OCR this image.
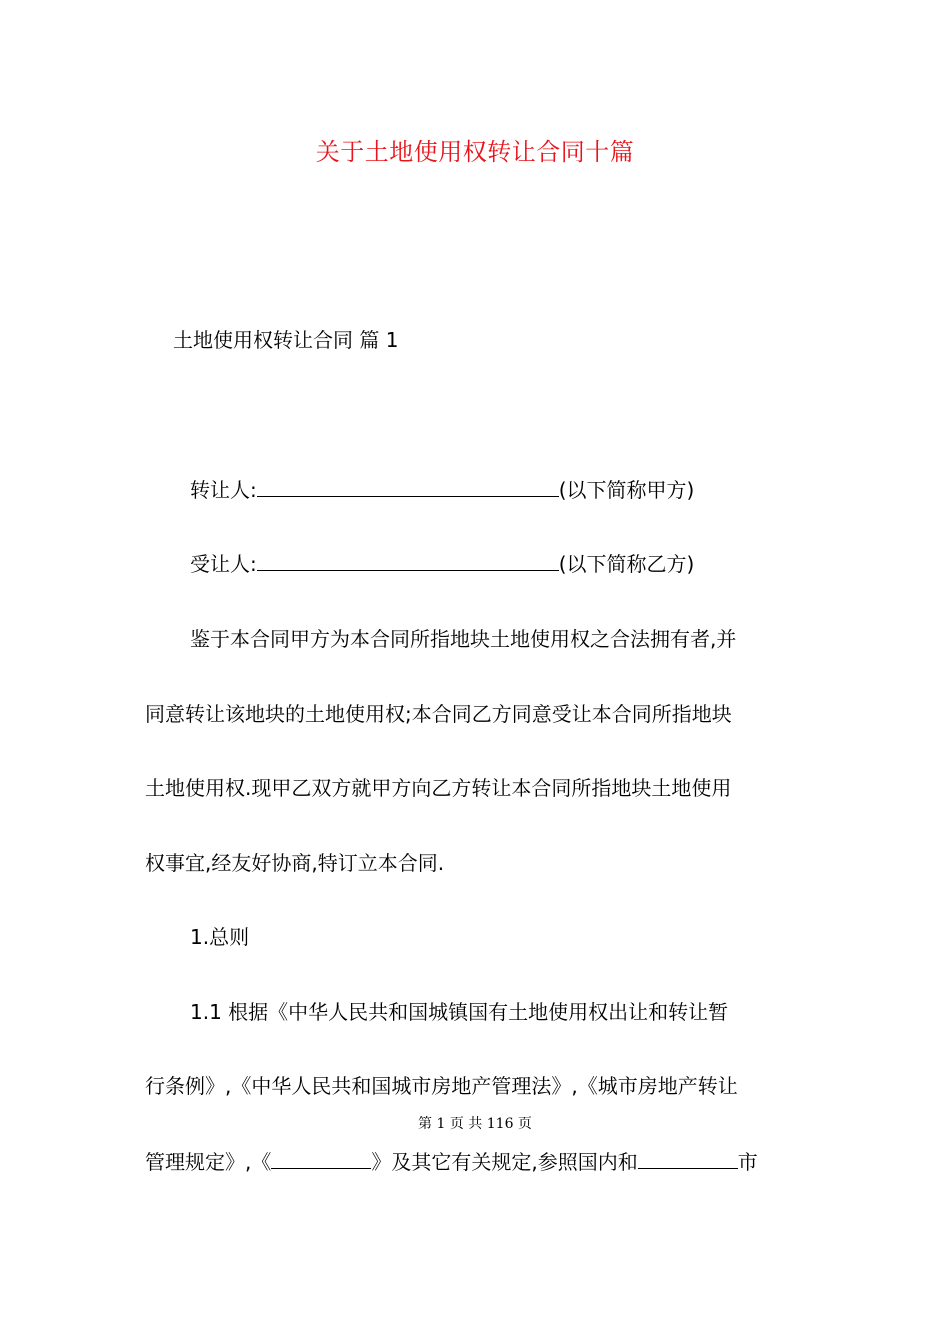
关于土地使用权转让合同十篇
土地使用权转让合同 篇 1
转让人:	(以下简称甲方)
受让人:	(以下简称乙方)
鉴于本合同甲方为本合同所指地块土地使用权之合法拥有者,并
同意转让该地块的土地使用权;本合同乙方同意受让本合同所指地块
土地使用权.现甲乙双方就甲方向乙方转让本合同所指地块土地使用
权事宜,经友好协商,特订立本合同.
1.总则
1.1 根据《中华人民共和国城镇国有土地使用权出让和转让暂
行条例》,《中华人民共和国城市房地产管理法》,《城市房地产转让
第 1 页 共 116 页
管理规定》,《	》及其它有关规定,参照国内和	市
